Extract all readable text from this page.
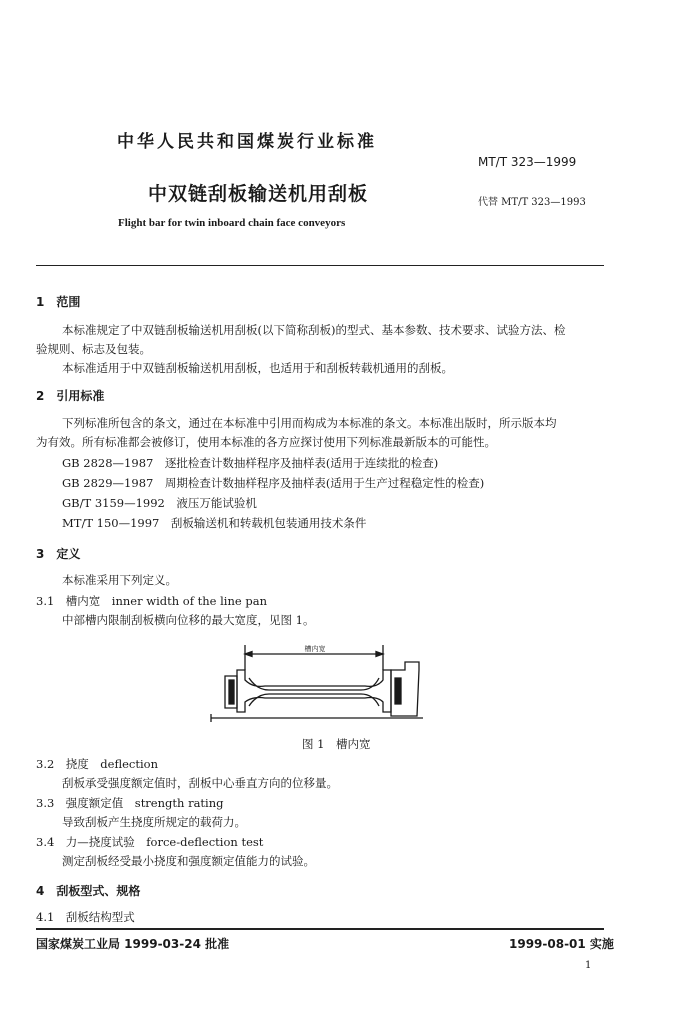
中华人民共和国煤炭行业标准
MT/T 323—1999
中双链刮板输送机用刮板	代替 MT/T 323—1993
Flight bar for twin inboard chain face conveyors
1　范围
本标准规定了中双链刮板输送机用刮板(以下简称刮板)的型式、基本参数、技术要求、试验方法、检
验规则、标志及包装。
本标准适用于中双链刮板输送机用刮板，也适用于和刮板转载机通用的刮板。
2　引用标准
下列标准所包含的条文，通过在本标准中引用而构成为本标准的条文。本标准出版时，所示版本均
为有效。所有标准都会被修订，使用本标准的各方应探讨使用下列标准最新版本的可能性。
GB 2828—1987　逐批检查计数抽样程序及抽样表(适用于连续批的检查)
GB 2829—1987　周期检查计数抽样程序及抽样表(适用于生产过程稳定性的检查)
GB/T 3159—1992　液压万能试验机
MT/T 150—1997　刮板输送机和转载机包装通用技术条件
3　定义
本标准采用下列定义。
3.1　槽内宽　inner width of the line pan
中部槽内限制刮板横向位移的最大宽度，见图 1。
槽内宽
图 1　槽内宽
3.2　挠度　deflection
刮板承受强度额定值时，刮板中心垂直方向的位移量。
3.3　强度额定值　strength rating
导致刮板产生挠度所规定的载荷力。
3.4　力—挠度试验　force-deflection test
测定刮板经受最小挠度和强度额定值能力的试验。
4　刮板型式、规格
4.1　刮板结构型式
国家煤炭工业局 1999-03-24 批准	1999-08-01 实施
1
